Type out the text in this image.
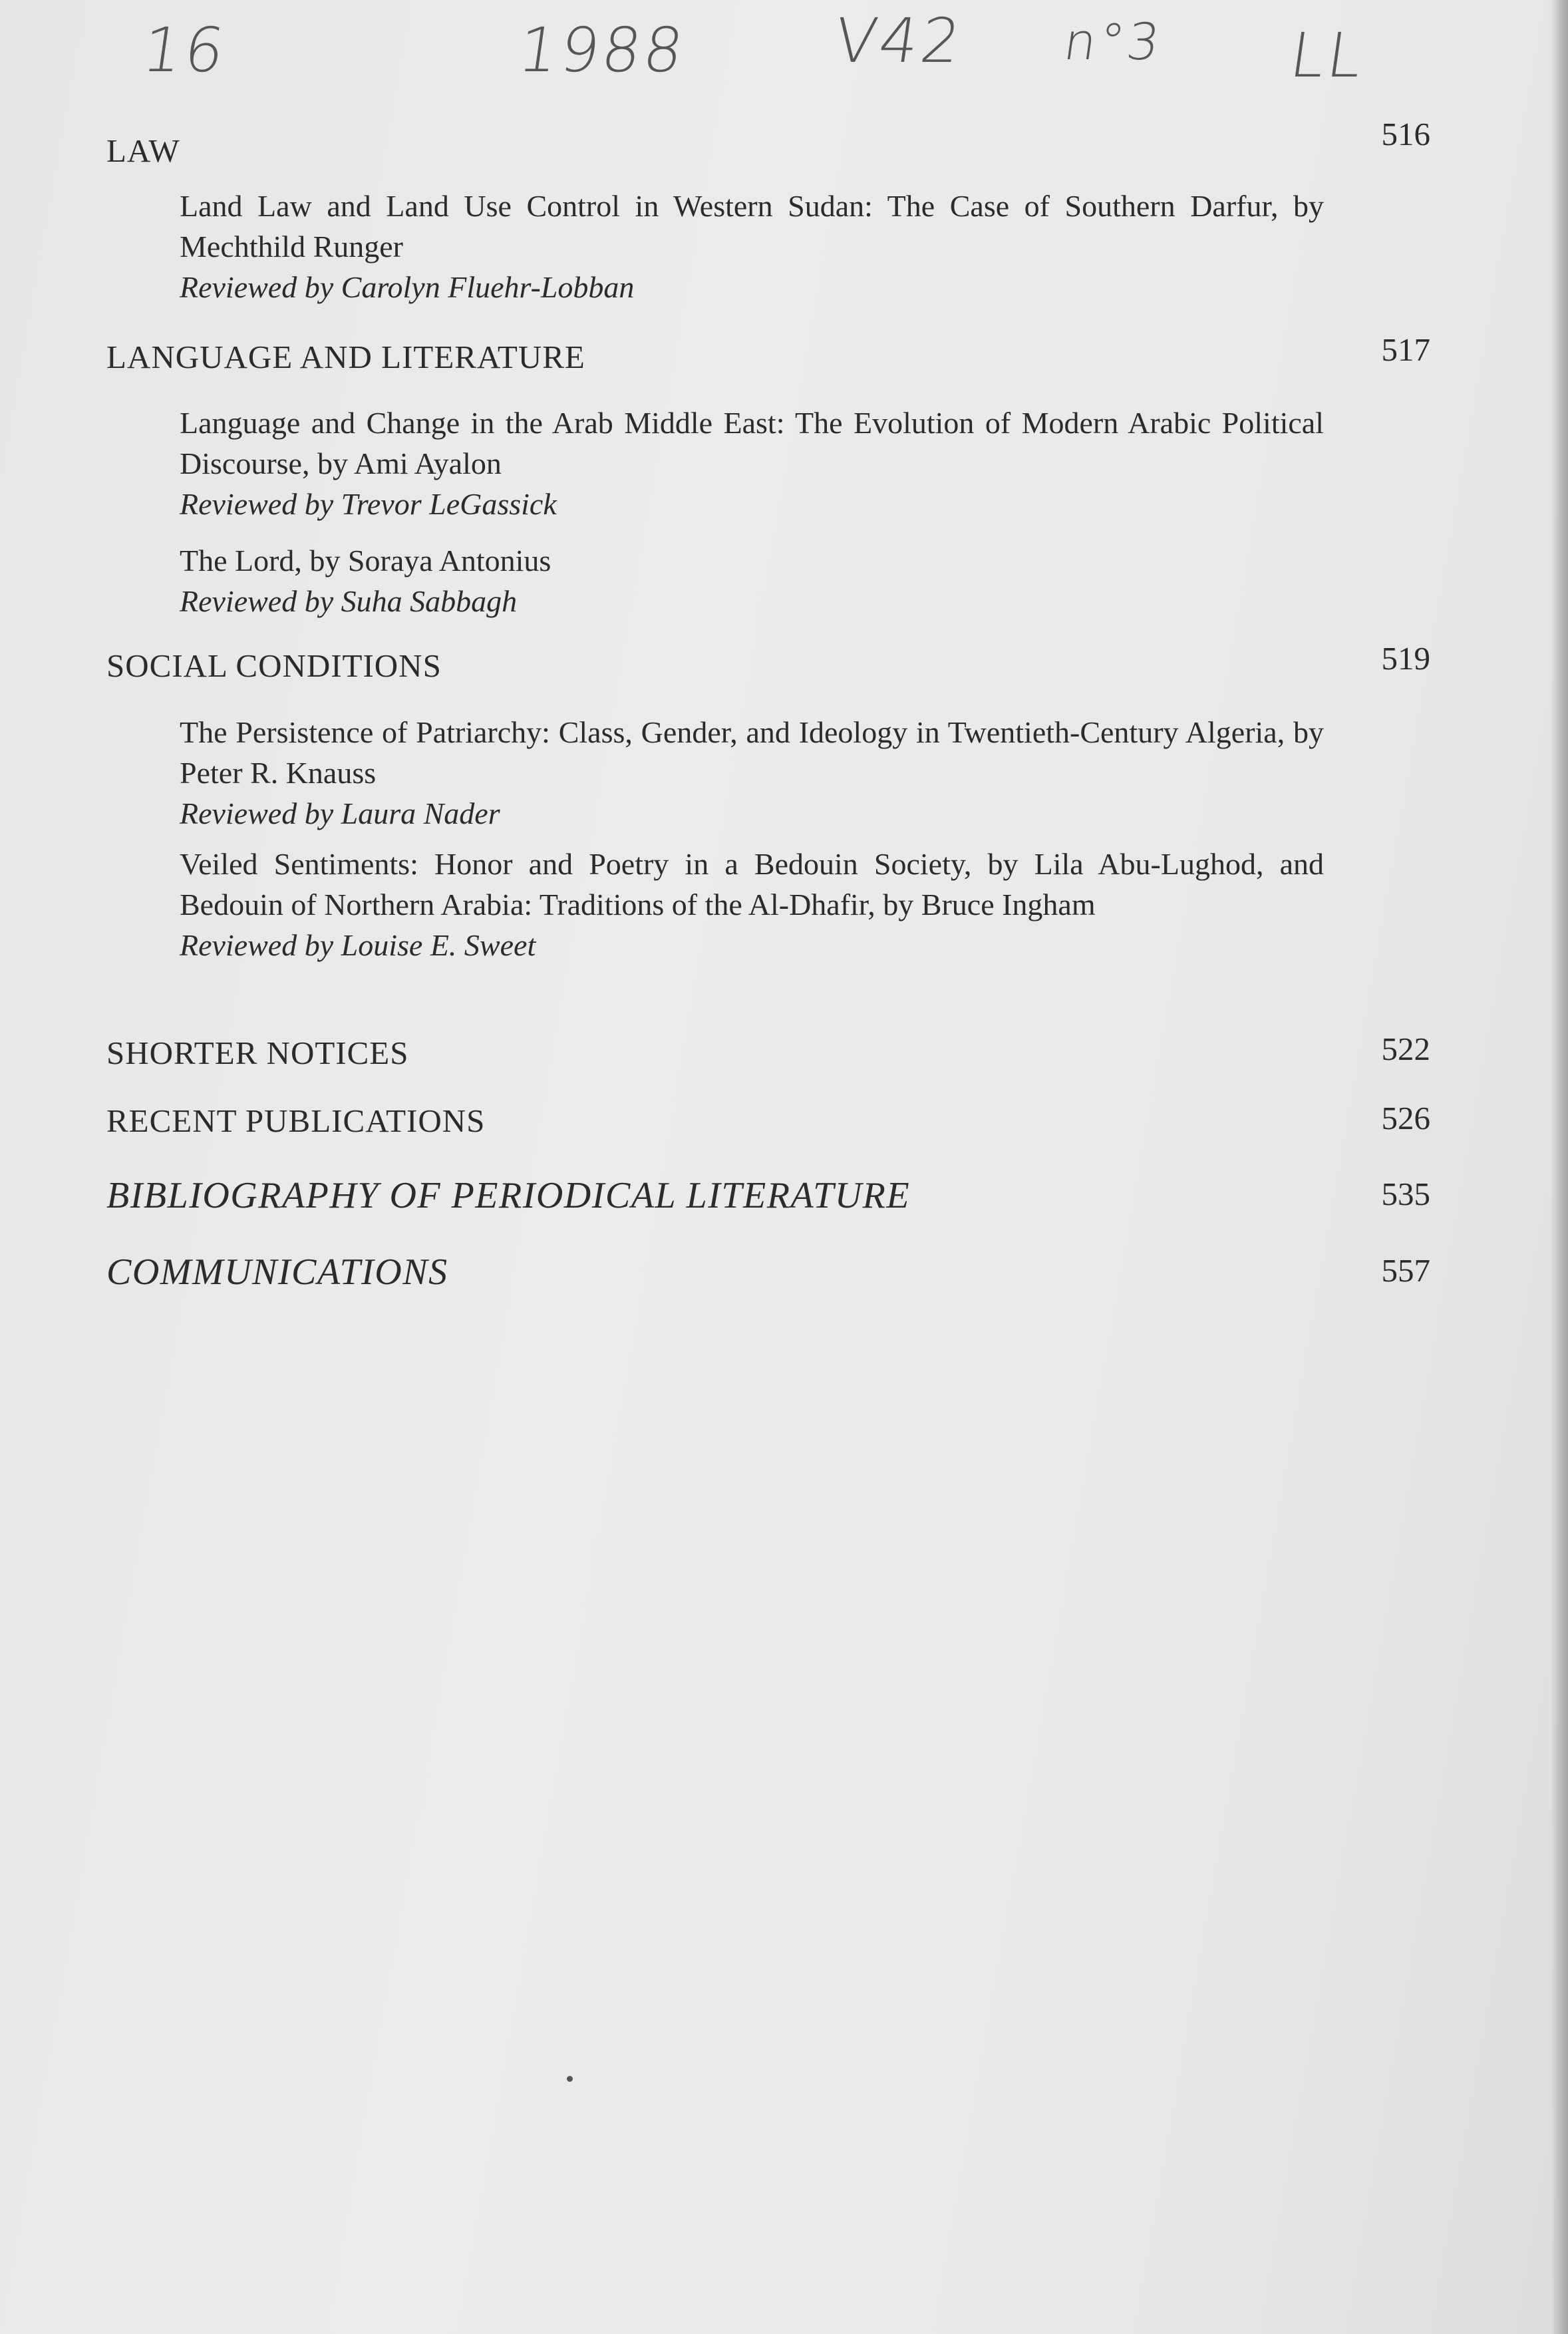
16	1988 V42 n°3 LL
LAW	516
Land Law and Land Use Control in Western Sudan: The Case of Southern Darfur, by Mechthild Runger
Reviewed by Carolyn Fluehr-Lobban
LANGUAGE AND LITERATURE	517
Language and Change in the Arab Middle East: The Evolution of Modern Arabic Political Discourse, by Ami Ayalon
Reviewed by Trevor LeGassick
The Lord, by Soraya Antonius
Reviewed by Suha Sabbagh
SOCIAL CONDITIONS	519
The Persistence of Patriarchy: Class, Gender, and Ideology in Twentieth-Century Algeria, by Peter R. Knauss
Reviewed by Laura Nader
Veiled Sentiments: Honor and Poetry in a Bedouin Society, by Lila Abu-Lughod, and Bedouin of Northern Arabia: Traditions of the Al-Dhafir, by Bruce Ingham
Reviewed by Louise E. Sweet
SHORTER NOTICES	522
RECENT PUBLICATIONS	526
BIBLIOGRAPHY OF PERIODICAL LITERATURE	535
COMMUNICATIONS	557
